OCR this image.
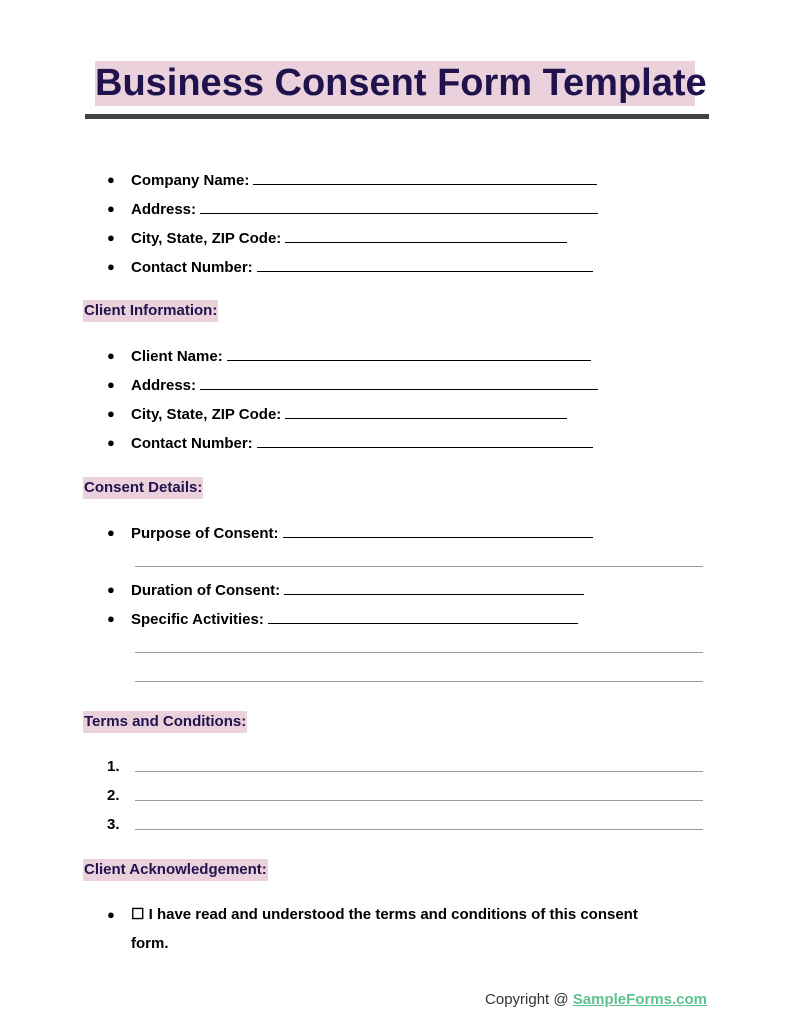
Business Consent Form Template
● Company Name:
● Address:
● City, State, ZIP Code:
● Contact Number:
Client Information:
● Client Name:
● Address:
● City, State, ZIP Code:
● Contact Number:
Consent Details:
● Purpose of Consent:
● Duration of Consent:
● Specific Activities:
Terms and Conditions:
1.
2.
3.
Client Acknowledgement:
● ☐ I have read and understood the terms and conditions of this consent
form.
Copyright @ SampleForms.com
